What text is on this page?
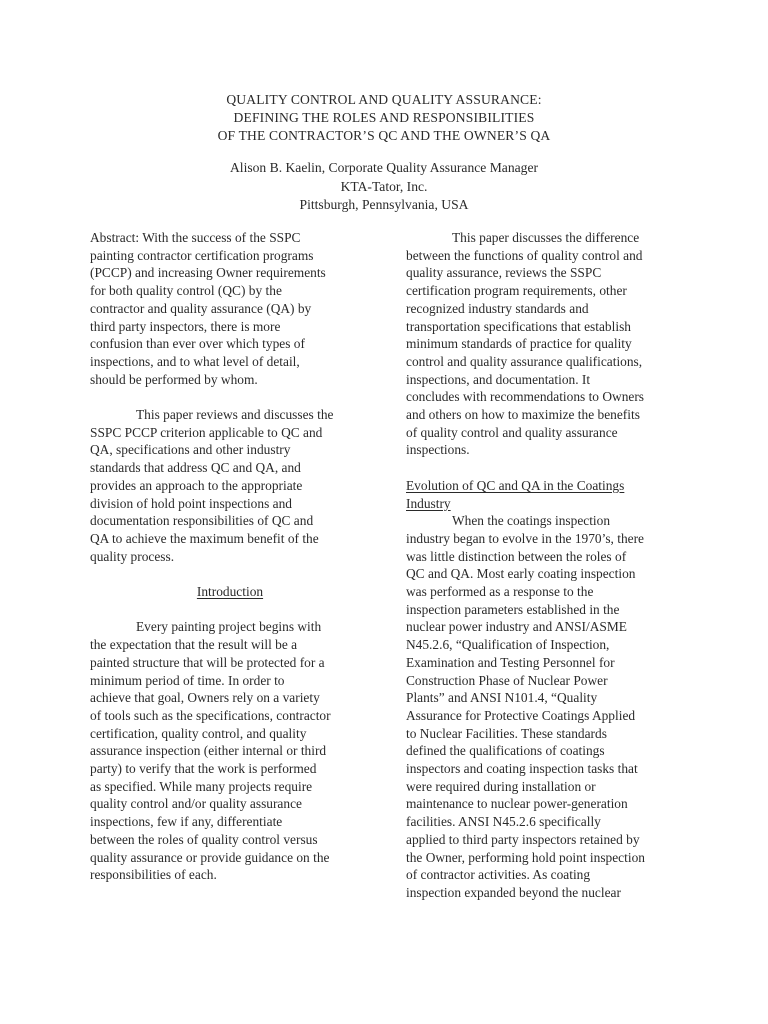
QUALITY CONTROL AND QUALITY ASSURANCE:
DEFINING THE ROLES AND RESPONSIBILITIES
OF THE CONTRACTOR’S QC AND THE OWNER’S QA
Alison B. Kaelin, Corporate Quality Assurance Manager
KTA-Tator, Inc.
Pittsburgh, Pennsylvania, USA

Abstract: With the success of the SSPC
painting contractor certification programs
(PCCP) and increasing Owner requirements
for both quality control (QC) by the
contractor and quality assurance (QA) by
third party inspectors, there is more
confusion than ever over which types of
inspections, and to what level of detail,
should be performed by whom.

This paper reviews and discusses the
SSPC PCCP criterion applicable to QC and
QA, specifications and other industry
standards that address QC and QA, and
provides an approach to the appropriate
division of hold point inspections and
documentation responsibilities of QC and
QA to achieve the maximum benefit of the
quality process.

Introduction

Every painting project begins with
the expectation that the result will be a
painted structure that will be protected for a
minimum period of time. In order to
achieve that goal, Owners rely on a variety
of tools such as the specifications, contractor
certification, quality control, and quality
assurance inspection (either internal or third
party) to verify that the work is performed
as specified. While many projects require
quality control and/or quality assurance
inspections, few if any, differentiate
between the roles of quality control versus
quality assurance or provide guidance on the
responsibilities of each.

This paper discusses the difference
between the functions of quality control and
quality assurance, reviews the SSPC
certification program requirements, other
recognized industry standards and
transportation specifications that establish
minimum standards of practice for quality
control and quality assurance qualifications,
inspections, and documentation. It
concludes with recommendations to Owners
and others on how to maximize the benefits
of quality control and quality assurance
inspections.

Evolution of QC and QA in the Coatings

Industry

When the coatings inspection

industry began to evolve in the 1970’s, there
was little distinction between the roles of
QC and QA. Most early coating inspection
was performed as a response to the
inspection parameters established in the
nuclear power industry and ANSI/ASME
N45.2.6, “Qualification of Inspection,
Examination and Testing Personnel for
Construction Phase of Nuclear Power
Plants” and ANSI N101.4, “Quality
Assurance for Protective Coatings Applied
to Nuclear Facilities. These standards
defined the qualifications of coatings
inspectors and coating inspection tasks that
were required during installation or
maintenance to nuclear power-generation
facilities. ANSI N45.2.6 specifically
applied to third party inspectors retained by
the Owner, performing hold point inspection
of contractor activities. As coating
inspection expanded beyond the nuclear
